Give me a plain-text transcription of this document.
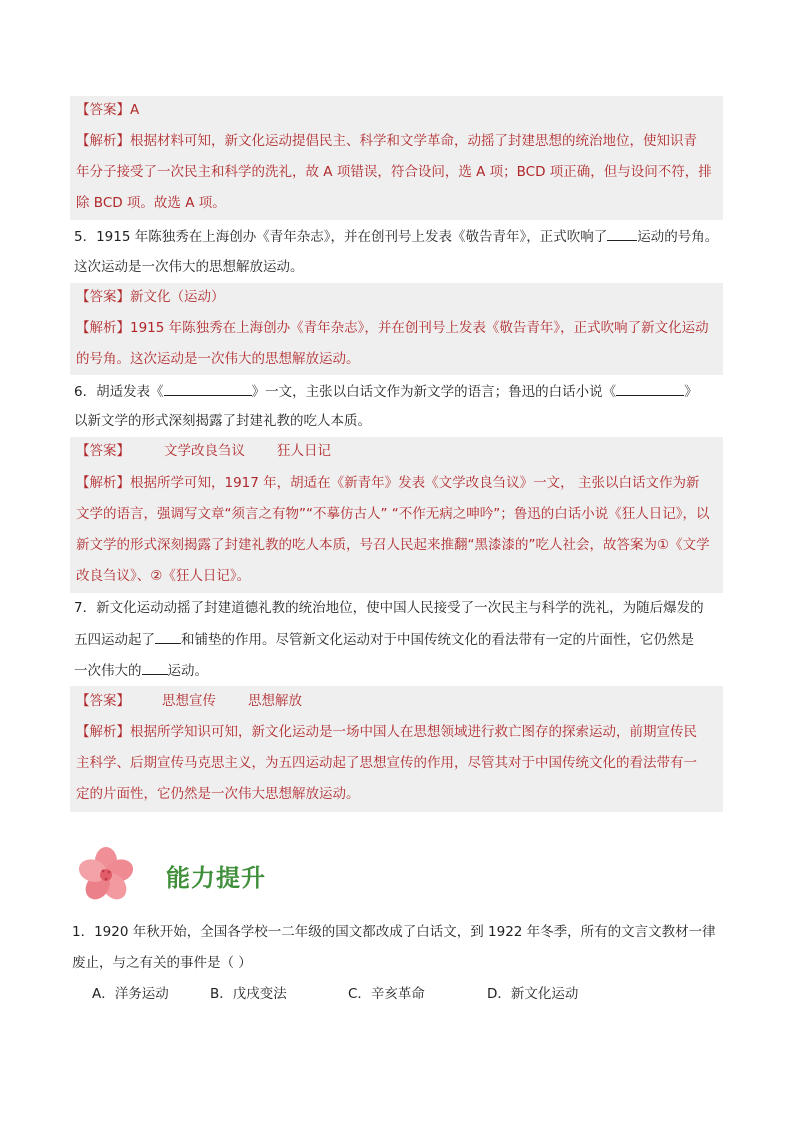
【答案】A
【解析】根据材料可知，新文化运动提倡民主、科学和文学革命，动摇了封建思想的统治地位，使知识青
年分子接受了一次民主和科学的洗礼，故 A 项错误，符合设问，选 A 项；BCD 项正确，但与设问不符，排
除 BCD 项。故选 A 项。
5．1915 年陈独秀在上海创办《青年杂志》，并在创刊号上发表《敬告青年》，正式吹响了 运动的号角。
这次运动是一次伟大的思想解放运动。
【答案】新文化（运动）
【解析】1915 年陈独秀在上海创办《青年杂志》，并在创刊号上发表《敬告青年》，正式吹响了新文化运动
的号角。这次运动是一次伟大的思想解放运动。
6．胡适发表《	》一文，主张以白话文作为新文学的语言；鲁迅的白话小说《	》
以新文学的形式深刻揭露了封建礼教的吃人本质。
【答案】	文学改良刍议 狂人日记
【解析】根据所学可知，1917 年，胡适在《新青年》发表《文学改良刍议》一文， 主张以白话文作为新
文学的语言，强调写文章“须言之有物”“不摹仿古人” “不作无病之呻吟”；鲁迅的白话小说《狂人日记》，以
新文学的形式深刻揭露了封建礼教的吃人本质，号召人民起来推翻“黑漆漆的”吃人社会，故答案为①《文学
改良刍议》、②《狂人日记》。
7．新文化运动动摇了封建道德礼教的统治地位，使中国人民接受了一次民主与科学的洗礼，为随后爆发的
五四运动起了 和铺垫的作用。尽管新文化运动对于中国传统文化的看法带有一定的片面性，它仍然是
一次伟大的 运动。
【答案】 思想宣传 思想解放
【解析】根据所学知识可知，新文化运动是一场中国人在思想领域进行救亡图存的探索运动，前期宣传民
主科学、后期宣传马克思主义，为五四运动起了思想宣传的作用，尽管其对于中国传统文化的看法带有一
定的片面性，它仍然是一次伟大思想解放运动。
能力提升
1．1920 年秋开始，全国各学校一二年级的国文都改成了白话文，到 1922 年冬季，所有的文言文教材一律
废止，与之有关的事件是（ ）
A．洋务运动	B．戊戌变法	C．辛亥革命	D．新文化运动
